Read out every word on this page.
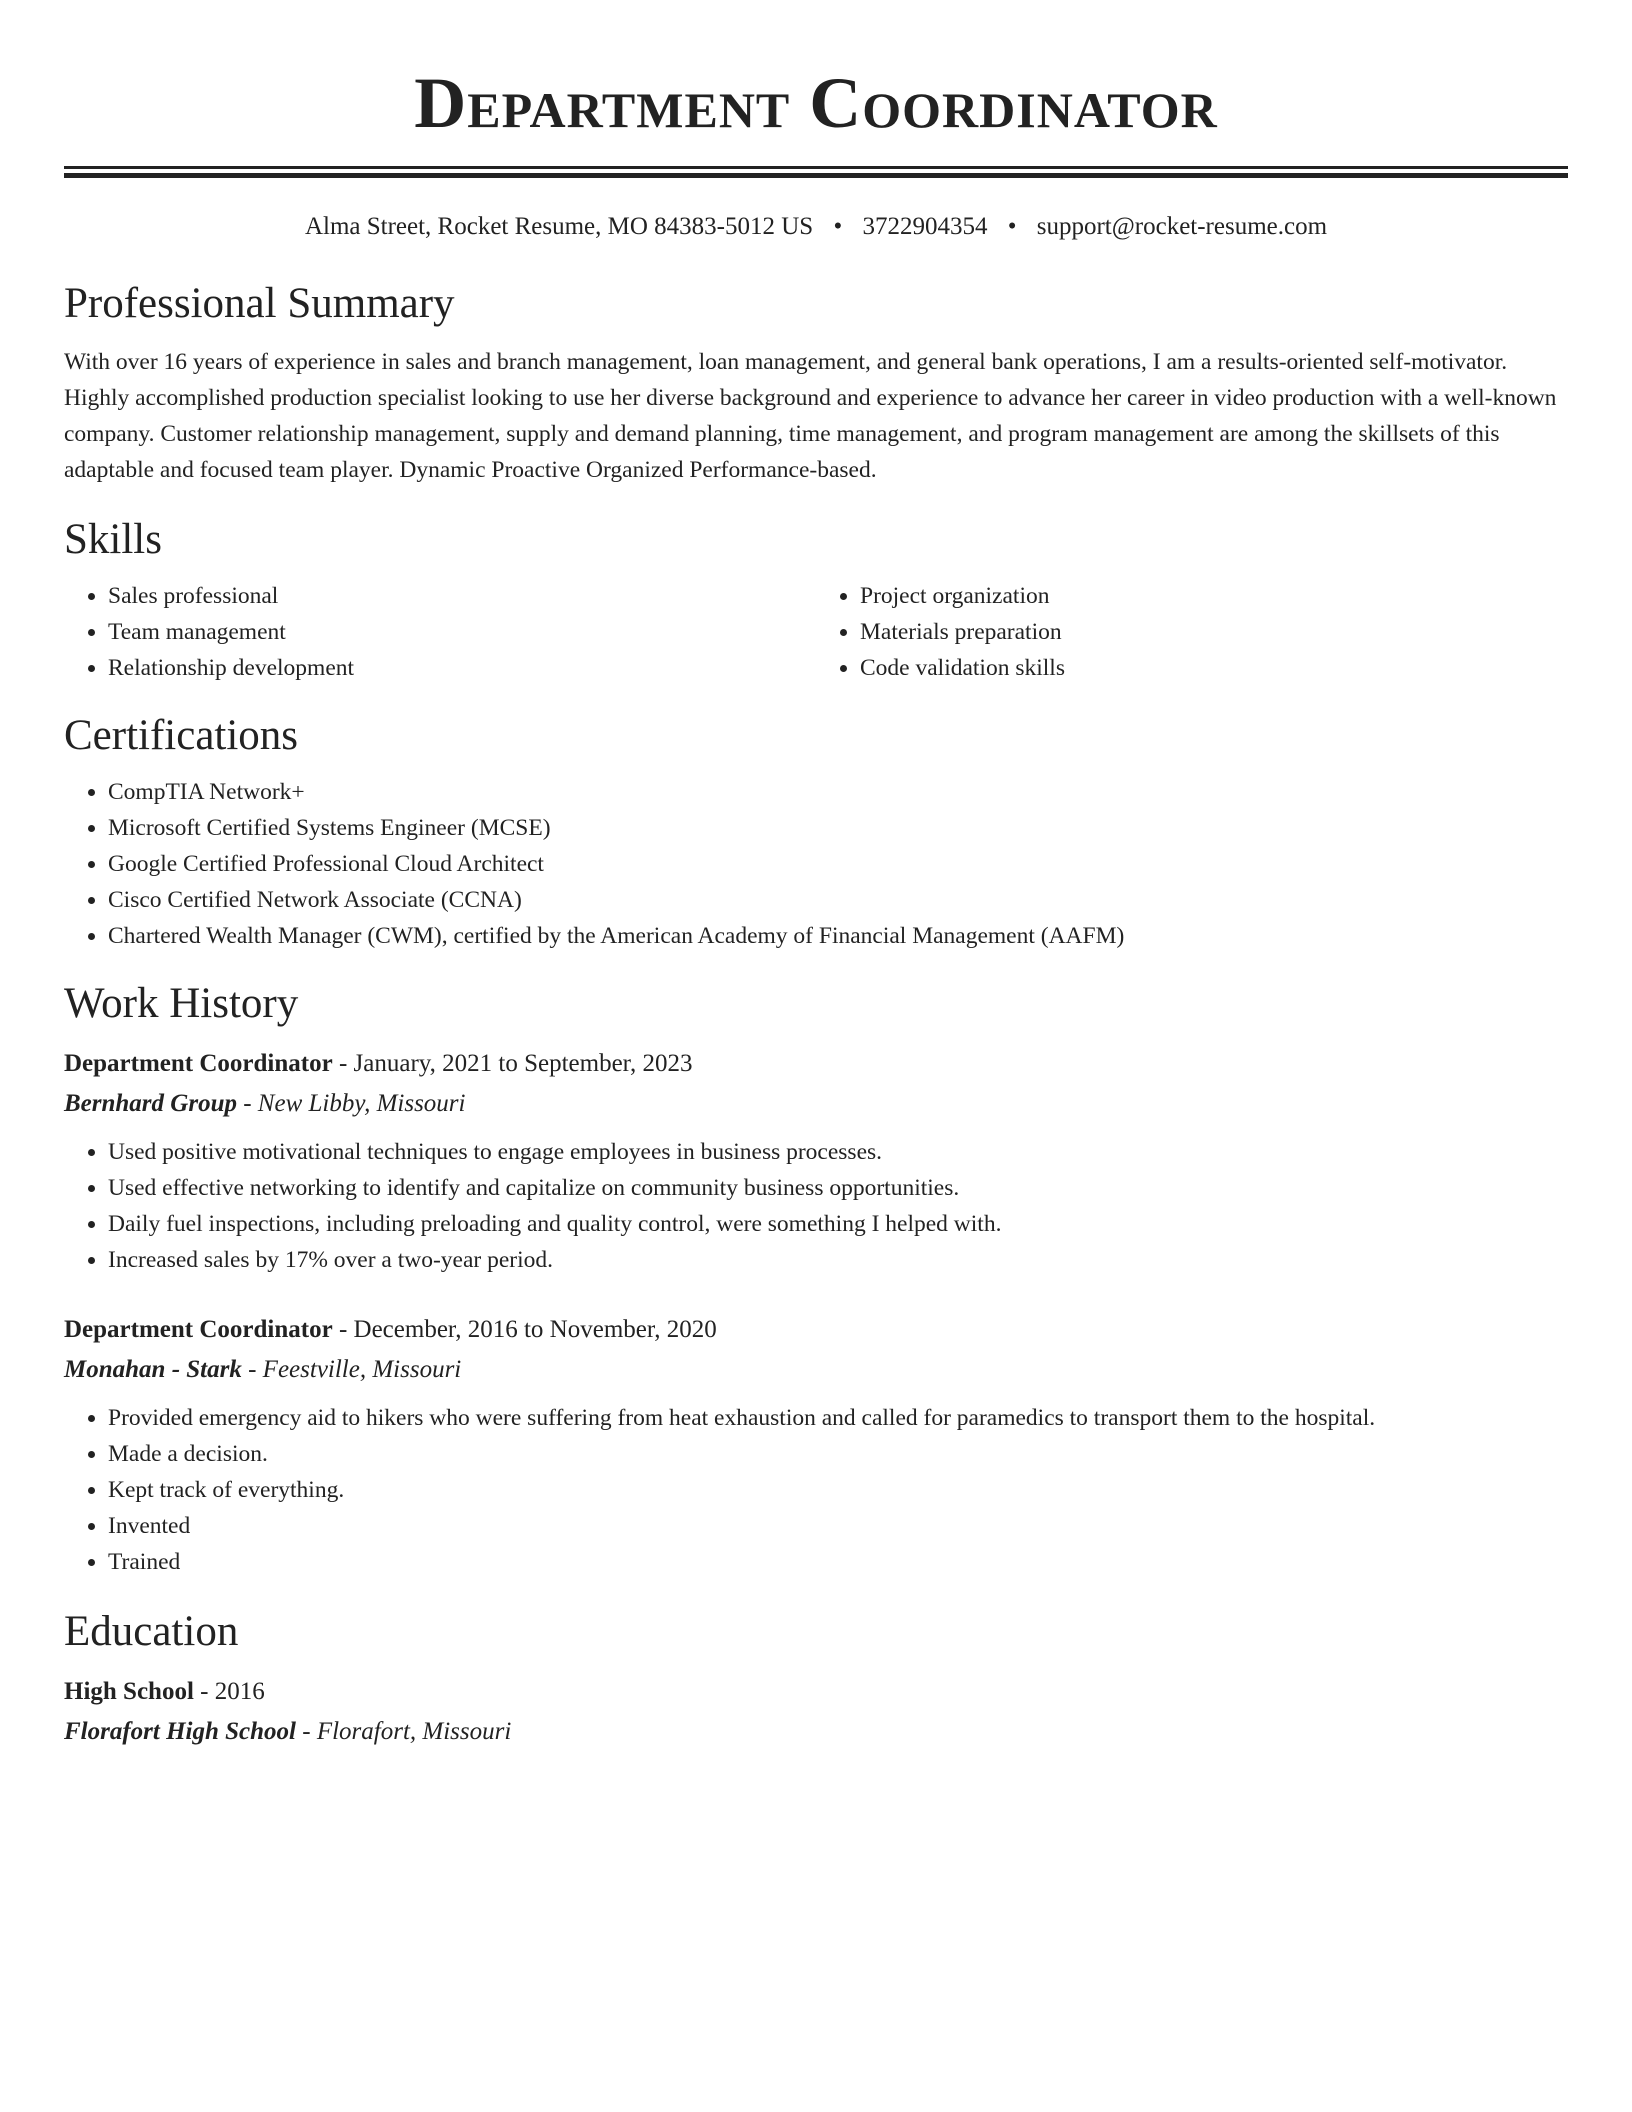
Department Coordinator
Alma Street, Rocket Resume, MO 84383-5012 US • 3722904354 • support@rocket-resume.com
Professional Summary

With over 16 years of experience in sales and branch management, loan management, and general bank operations, I am a results-oriented self-motivator. Highly accomplished production specialist looking to use her diverse background and experience to advance her career in video production with a well-known company. Customer relationship management, supply and demand planning, time management, and program management are among the skillsets of this adaptable and focused team player. Dynamic Proactive Organized Performance-based.

Skills
• Sales professional
• Team management
• Relationship development
• Project organization
• Materials preparation
• Code validation skills
Certifications
• CompTIA Network+
• Microsoft Certified Systems Engineer (MCSE)
• Google Certified Professional Cloud Architect
• Cisco Certified Network Associate (CCNA)
• Chartered Wealth Manager (CWM), certified by the American Academy of Financial Management (AAFM)
Work History
Department Coordinator - January, 2021 to September, 2023
Bernhard Group - New Libby, Missouri
• Used positive motivational techniques to engage employees in business processes.
• Used effective networking to identify and capitalize on community business opportunities.
• Daily fuel inspections, including preloading and quality control, were something I helped with.
• Increased sales by 17% over a two-year period.
Department Coordinator - December, 2016 to November, 2020
Monahan - Stark - Feestville, Missouri
• Provided emergency aid to hikers who were suffering from heat exhaustion and called for paramedics to transport them to the hospital.
• Made a decision.
• Kept track of everything.
• Invented
• Trained
Education
High School - 2016
Florafort High School - Florafort, Missouri
